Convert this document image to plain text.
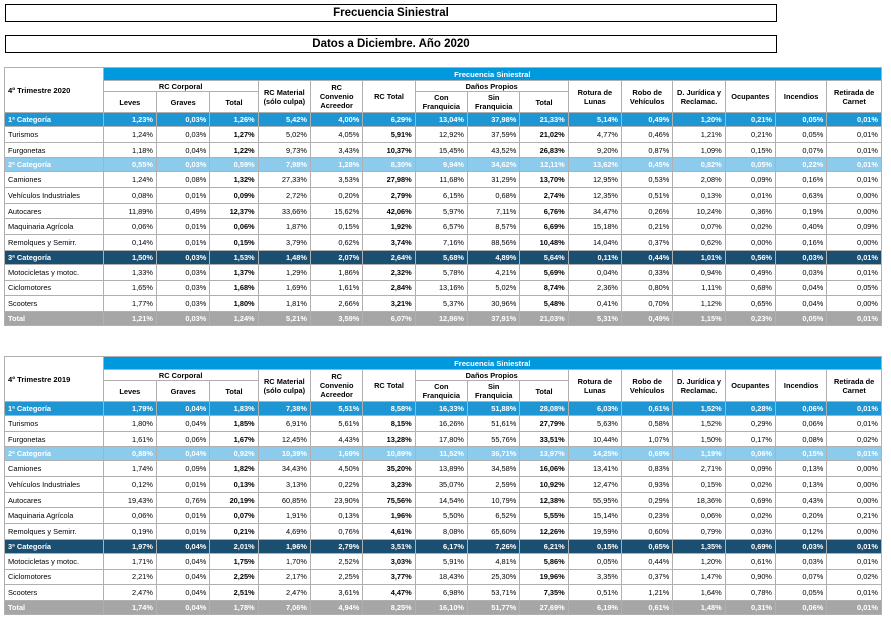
Frecuencia Siniestral
Datos a Diciembre. Año 2020
4º Trimestre 2020	Frecuencia Siniestral														
	RC Corporal			RC Material (sólo culpa)	RC Convenio Acreedor	RC Total	Daños Propios			Rotura de Lunas	Robo de Vehículos	D. Jurídica y Reclamac.	Ocupantes	Incendios	Retirada de Carnet
	Leves	Graves	Total				Con Franquicia	Sin Franquicia	Total						

1ª Categoría	1,23%	0,03%	1,26%	5,42%	4,00%	6,29%	13,04%	37,98%	21,33%	5,14%	0,49%	1,20%	0,21%	0,05%	0,01%
Turismos	1,24%	0,03%	1,27%	5,02%	4,05%	5,91%	12,92%	37,59%	21,02%	4,77%	0,46%	1,21%	0,21%	0,05%	0,01%
Furgonetas	1,18%	0,04%	1,22%	9,73%	3,43%	10,37%	15,45%	43,52%	26,83%	9,20%	0,87%	1,09%	0,15%	0,07%	0,01%
2ª Categoría	0,55%	0,03%	0,59%	7,98%	1,28%	8,30%	9,94%	34,62%	12,11%	13,62%	0,45%	0,82%	0,05%	0,22%	0,01%
Camiones	1,24%	0,08%	1,32%	27,33%	3,53%	27,98%	11,68%	31,29%	13,70%	12,95%	0,53%	2,08%	0,09%	0,16%	0,01%
Vehículos Industriales	0,08%	0,01%	0,09%	2,72%	0,20%	2,79%	6,15%	0,68%	2,74%	12,35%	0,51%	0,13%	0,01%	0,63%	0,00%
Autocares	11,89%	0,49%	12,37%	33,66%	15,62%	42,06%	5,97%	7,11%	6,76%	34,47%	0,26%	10,24%	0,36%	0,19%	0,00%
Maquinaria Agrícola	0,06%	0,01%	0,06%	1,87%	0,15%	1,92%	6,57%	8,57%	6,69%	15,18%	0,21%	0,07%	0,02%	0,40%	0,09%
Remolques y Semirr.	0,14%	0,01%	0,15%	3,79%	0,62%	3,74%	7,16%	88,56%	10,48%	14,04%	0,37%	0,62%	0,00%	0,16%	0,00%
3ª Categoría	1,50%	0,03%	1,53%	1,48%	2,07%	2,64%	5,68%	4,89%	5,64%	0,11%	0,44%	1,01%	0,56%	0,03%	0,01%
Motocicletas y motoc.	1,33%	0,03%	1,37%	1,29%	1,86%	2,32%	5,78%	4,21%	5,69%	0,04%	0,33%	0,94%	0,49%	0,03%	0,01%
Ciclomotores	1,65%	0,03%	1,68%	1,69%	1,61%	2,84%	13,16%	5,02%	8,74%	2,36%	0,80%	1,11%	0,68%	0,04%	0,05%
Scooters	1,77%	0,03%	1,80%	1,81%	2,66%	3,21%	5,37%	30,96%	5,48%	0,41%	0,70%	1,12%	0,65%	0,04%	0,00%
Total	1,21%	0,03%	1,24%	5,21%	3,59%	6,07%	12,86%	37,91%	21,03%	5,31%	0,49%	1,15%	0,23%	0,05%	0,01%
4º Trimestre 2019	Frecuencia Siniestral														
	RC Corporal			RC Material (sólo culpa)	RC Convenio Acreedor	RC Total	Daños Propios			Rotura de Lunas	Robo de Vehículos	D. Jurídica y Reclamac.	Ocupantes	Incendios	Retirada de Carnet
	Leves	Graves	Total				Con Franquicia	Sin Franquicia	Total						

1ª Categoría	1,79%	0,04%	1,83%	7,38%	5,51%	8,58%	16,33%	51,88%	28,08%	6,03%	0,61%	1,52%	0,28%	0,06%	0,01%
Turismos	1,80%	0,04%	1,85%	6,91%	5,61%	8,15%	16,26%	51,61%	27,79%	5,63%	0,58%	1,52%	0,29%	0,06%	0,01%
Furgonetas	1,61%	0,06%	1,67%	12,45%	4,43%	13,28%	17,80%	55,76%	33,51%	10,44%	1,07%	1,50%	0,17%	0,08%	0,02%
2ª Categoría	0,88%	0,04%	0,92%	10,39%	1,69%	10,89%	11,52%	36,71%	13,97%	14,25%	0,69%	1,19%	0,06%	0,15%	0,01%
Camiones	1,74%	0,09%	1,82%	34,43%	4,50%	35,20%	13,89%	34,58%	16,06%	13,41%	0,83%	2,71%	0,09%	0,13%	0,00%
Vehículos Industriales	0,12%	0,01%	0,13%	3,13%	0,22%	3,23%	35,07%	2,59%	10,92%	12,47%	0,93%	0,15%	0,02%	0,13%	0,00%
Autocares	19,43%	0,76%	20,19%	60,85%	23,90%	75,56%	14,54%	10,79%	12,38%	55,95%	0,29%	18,36%	0,69%	0,43%	0,00%
Maquinaria Agrícola	0,06%	0,01%	0,07%	1,91%	0,13%	1,96%	5,50%	6,52%	5,55%	15,14%	0,23%	0,06%	0,02%	0,20%	0,21%
Remolques y Semirr.	0,19%	0,01%	0,21%	4,69%	0,76%	4,61%	8,08%	65,60%	12,26%	19,59%	0,60%	0,79%	0,03%	0,12%	0,00%
3ª Categoría	1,97%	0,04%	2,01%	1,96%	2,79%	3,51%	6,17%	7,26%	6,21%	0,15%	0,65%	1,35%	0,69%	0,03%	0,01%
Motocicletas y motoc.	1,71%	0,04%	1,75%	1,70%	2,52%	3,03%	5,91%	4,81%	5,86%	0,05%	0,44%	1,20%	0,61%	0,03%	0,01%
Ciclomotores	2,21%	0,04%	2,25%	2,17%	2,25%	3,77%	18,43%	25,30%	19,96%	3,35%	0,37%	1,47%	0,90%	0,07%	0,02%
Scooters	2,47%	0,04%	2,51%	2,47%	3,61%	4,47%	6,98%	53,71%	7,35%	0,51%	1,21%	1,64%	0,78%	0,05%	0,01%
Total	1,74%	0,04%	1,78%	7,06%	4,94%	8,25%	16,10%	51,77%	27,69%	6,19%	0,61%	1,48%	0,31%	0,06%	0,01%
